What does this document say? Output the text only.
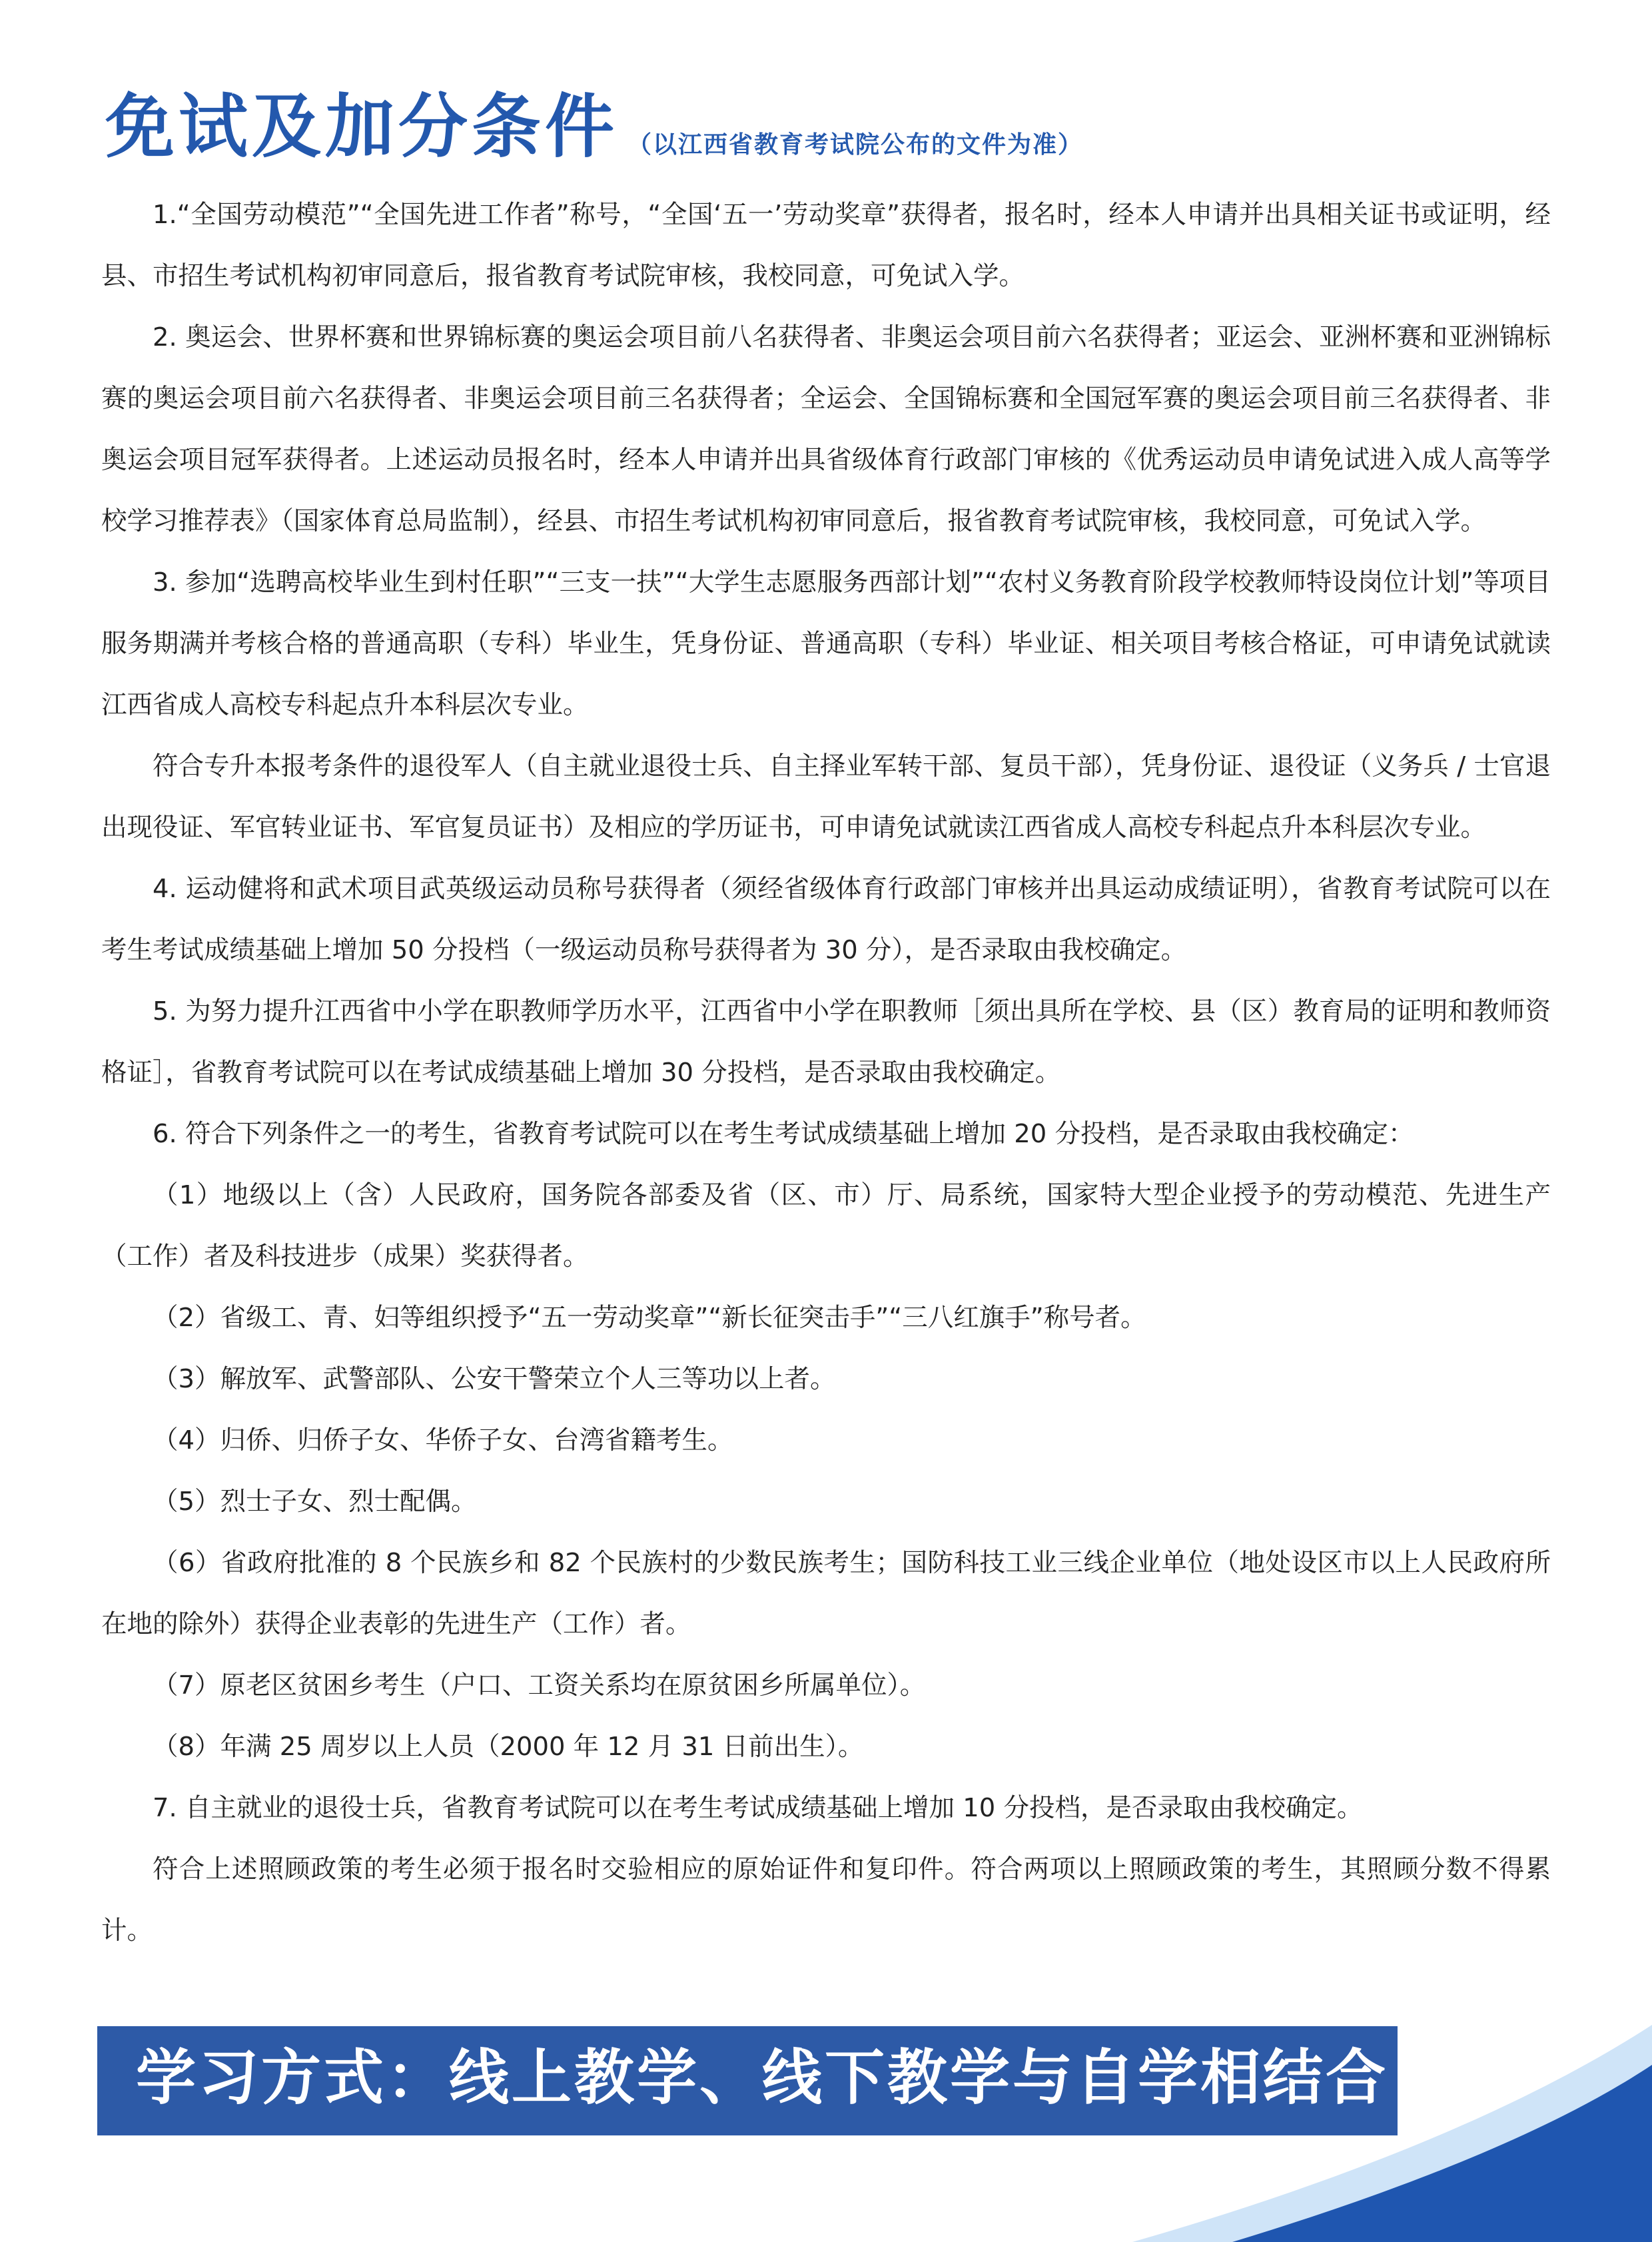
免试及加分条件 （以江西省教育考试院公布的文件为准）

1.“全国劳动模范”“全国先进工作者”称号，“全国‘五一’劳动奖章”获得者，报名时，经本人申请并出具相关证书或证明，经县、市招生考试机构初审同意后，报省教育考试院审核，我校同意，可免试入学。

2. 奥运会、世界杯赛和世界锦标赛的奥运会项目前八名获得者、非奥运会项目前六名获得者；亚运会、亚洲杯赛和亚洲锦标赛的奥运会项目前六名获得者、非奥运会项目前三名获得者；全运会、全国锦标赛和全国冠军赛的奥运会项目前三名获得者、非奥运会项目冠军获得者。上述运动员报名时，经本人申请并出具省级体育行政部门审核的《优秀运动员申请免试进入成人高等学校学习推荐表》（国家体育总局监制），经县、市招生考试机构初审同意后，报省教育考试院审核，我校同意，可免试入学。

3. 参加“选聘高校毕业生到村任职”“三支一扶”“大学生志愿服务西部计划”“农村义务教育阶段学校教师特设岗位计划”等项目服务期满并考核合格的普通高职（专科）毕业生，凭身份证、普通高职（专科）毕业证、相关项目考核合格证，可申请免试就读江西省成人高校专科起点升本科层次专业。

符合专升本报考条件的退役军人（自主就业退役士兵、自主择业军转干部、复员干部），凭身份证、退役证（义务兵 / 士官退出现役证、军官转业证书、军官复员证书）及相应的学历证书，可申请免试就读江西省成人高校专科起点升本科层次专业。

4. 运动健将和武术项目武英级运动员称号获得者（须经省级体育行政部门审核并出具运动成绩证明），省教育考试院可以在考生考试成绩基础上增加 50 分投档（一级运动员称号获得者为 30 分），是否录取由我校确定。

5. 为努力提升江西省中小学在职教师学历水平，江西省中小学在职教师［须出具所在学校、县（区）教育局的证明和教师资格证］，省教育考试院可以在考试成绩基础上增加 30 分投档，是否录取由我校确定。

6. 符合下列条件之一的考生，省教育考试院可以在考生考试成绩基础上增加 20 分投档，是否录取由我校确定：

（1）地级以上（含）人民政府，国务院各部委及省（区、市）厅、局系统，国家特大型企业授予的劳动模范、先进生产（工作）者及科技进步（成果）奖获得者。

（2）省级工、青、妇等组织授予“五一劳动奖章”“新长征突击手”“三八红旗手”称号者。

（3）解放军、武警部队、公安干警荣立个人三等功以上者。

（4）归侨、归侨子女、华侨子女、台湾省籍考生。

（5）烈士子女、烈士配偶。

（6）省政府批准的 8 个民族乡和 82 个民族村的少数民族考生；国防科技工业三线企业单位（地处设区市以上人民政府所在地的除外）获得企业表彰的先进生产（工作）者。

（7）原老区贫困乡考生（户口、工资关系均在原贫困乡所属单位）。

（8）年满 25 周岁以上人员（2000 年 12 月 31 日前出生）。

7. 自主就业的退役士兵，省教育考试院可以在考生考试成绩基础上增加 10 分投档，是否录取由我校确定。

符合上述照顾政策的考生必须于报名时交验相应的原始证件和复印件。符合两项以上照顾政策的考生，其照顾分数不得累计。

学习方式：线上教学、线下教学与自学相结合
